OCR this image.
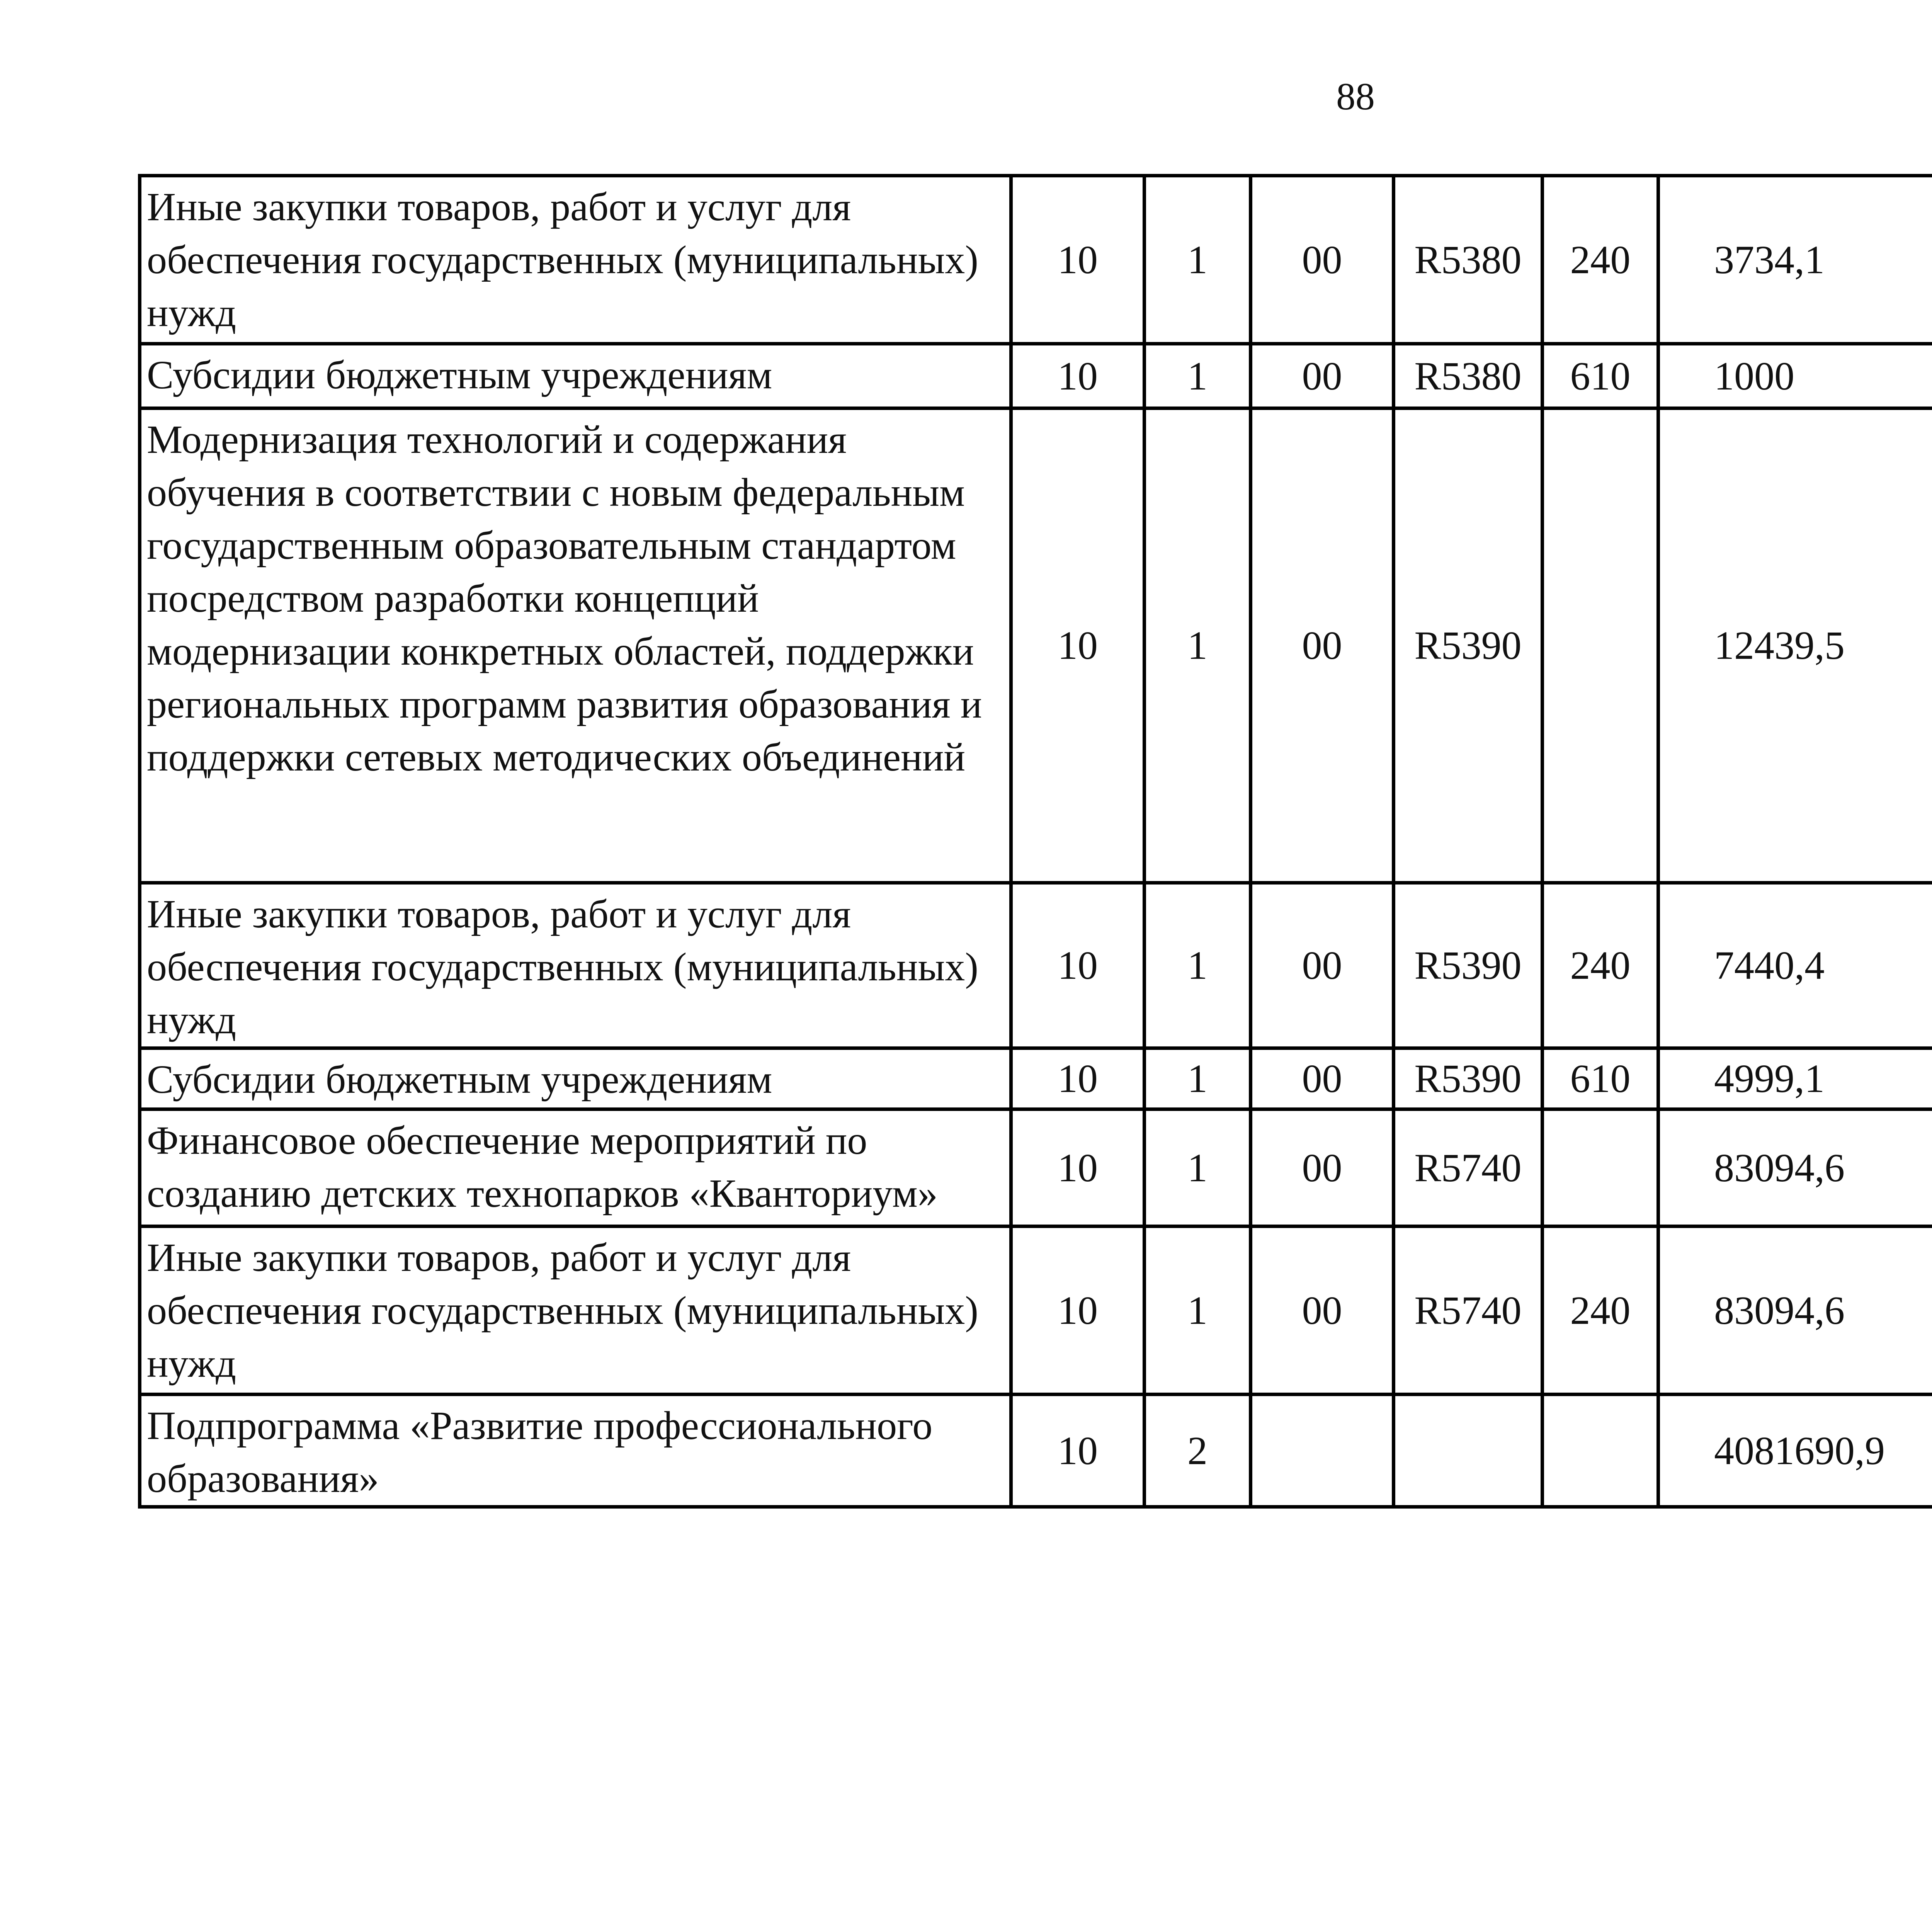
88
Иные закупки товаров, работ и услуг для обеспечения государственных (муниципальных) нужд	10	1	00	R5380	240	3734,1		
Субсидии бюджетным учреждениям	10	1	00	R5380	610	1000		
Модернизация технологий и содержания обучения в соответствии с новым федеральным государственным образовательным стандартом посредством разработки концепций модернизации конкретных областей, поддержки региональных программ развития образования и поддержки сетевых методических объединений	10	1	00	R5390		12439,5		
Иные закупки товаров, работ и услуг для обеспечения государственных (муниципальных) нужд	10	1	00	R5390	240	7440,4		
Субсидии бюджетным учреждениям	10	1	00	R5390	610	4999,1		
Финансовое обеспечение мероприятий по созданию детских технопарков «Кванториум»	10	1	00	R5740		83094,6		
Иные закупки товаров, работ и услуг для обеспечения государственных (муниципальных) нужд	10	1	00	R5740	240	83094,6		
Подпрограмма «Развитие профессионального образования»	10	2				4081690,9		
